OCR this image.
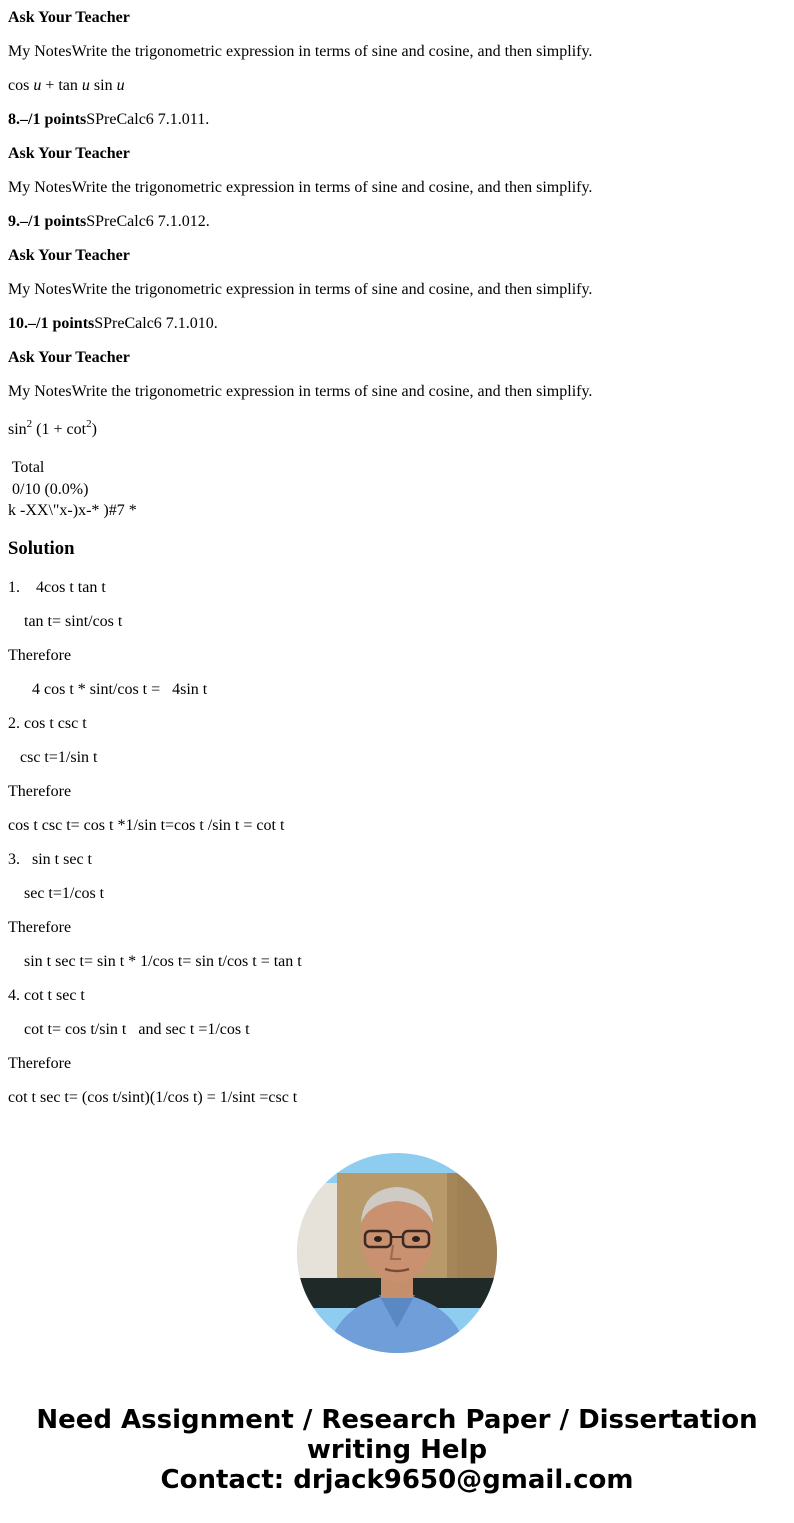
Ask Your Teacher
My NotesWrite the trigonometric expression in terms of sine and cosine, and then simplify.
cos u + tan u sin u
8.–/1 pointsSPreCalc6 7.1.011.
Ask Your Teacher
My NotesWrite the trigonometric expression in terms of sine and cosine, and then simplify.
9.–/1 pointsSPreCalc6 7.1.012.
Ask Your Teacher
My NotesWrite the trigonometric expression in terms of sine and cosine, and then simplify.
10.–/1 pointsSPreCalc6 7.1.010.
Ask Your Teacher
My NotesWrite the trigonometric expression in terms of sine and cosine, and then simplify.
$\sin^2 (1 + \cot^2)$
Total
0/10 (0.0%)
k -XX\"x-)x-* )#7 *
Solution
1.    4cos t tan t
tan t= sint/cos t
Therefore
4 cos t * sint/cos t =   4sin t
2. cos t csc t
csc t=1/sin t
Therefore
cos t csc t= cos t *1/sin t=cos t /sin t = cot t
3.   sin t sec t
sec t=1/cos t
Therefore
sin t sec t= sin t * 1/cos t= sin t/cos t = tan t
4. cot t sec t
cot t= cos t/sin t   and sec t =1/cos t
Therefore
cot t sec t= (cos t/sint)(1/cos t) = 1/sint =csc t
Need Assignment / Research Paper / Dissertation
writing Help
Contact: drjack9650@gmail.com
